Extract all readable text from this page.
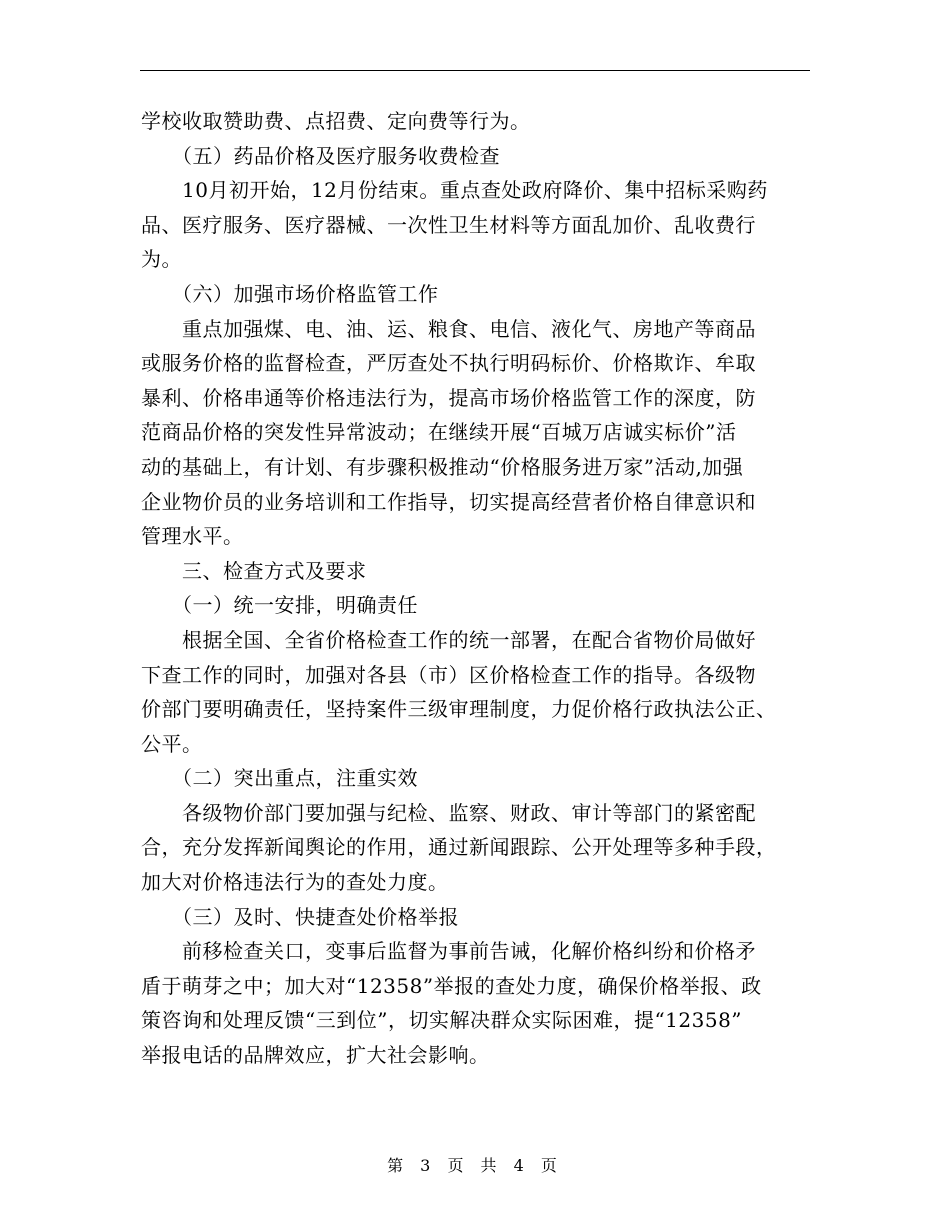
学校收取赞助费、点招费、定向费等行为。
　　（五）药品价格及医疗服务收费检查
　　10月初开始，12月份结束。重点查处政府降价、集中招标采购药
品、医疗服务、医疗器械、一次性卫生材料等方面乱加价、乱收费行
为。
　　（六）加强市场价格监管工作
　　重点加强煤、电、油、运、粮食、电信、液化气、房地产等商品
或服务价格的监督检查，严厉查处不执行明码标价、价格欺诈、牟取
暴利、价格串通等价格违法行为，提高市场价格监管工作的深度，防
范商品价格的突发性异常波动；在继续开展“百城万店诚实标价”活
动的基础上，有计划、有步骤积极推动“价格服务进万家”活动,加强
企业物价员的业务培训和工作指导，切实提高经营者价格自律意识和
管理水平。
　　三、检查方式及要求
　　（一）统一安排，明确责任
　　根据全国、全省价格检查工作的统一部署，在配合省物价局做好
下查工作的同时，加强对各县（市）区价格检查工作的指导。各级物
价部门要明确责任，坚持案件三级审理制度，力促价格行政执法公正、
公平。
　　（二）突出重点，注重实效
　　各级物价部门要加强与纪检、监察、财政、审计等部门的紧密配
合，充分发挥新闻舆论的作用，通过新闻跟踪、公开处理等多种手段，
加大对价格违法行为的查处力度。
　　（三）及时、快捷查处价格举报
　　前移检查关口，变事后监督为事前告诫，化解价格纠纷和价格矛
盾于萌芽之中；加大对“12358”举报的查处力度，确保价格举报、政
策咨询和处理反馈“三到位”，切实解决群众实际困难，提“12358”
举报电话的品牌效应，扩大社会影响。
第 3 页 共 4 页
